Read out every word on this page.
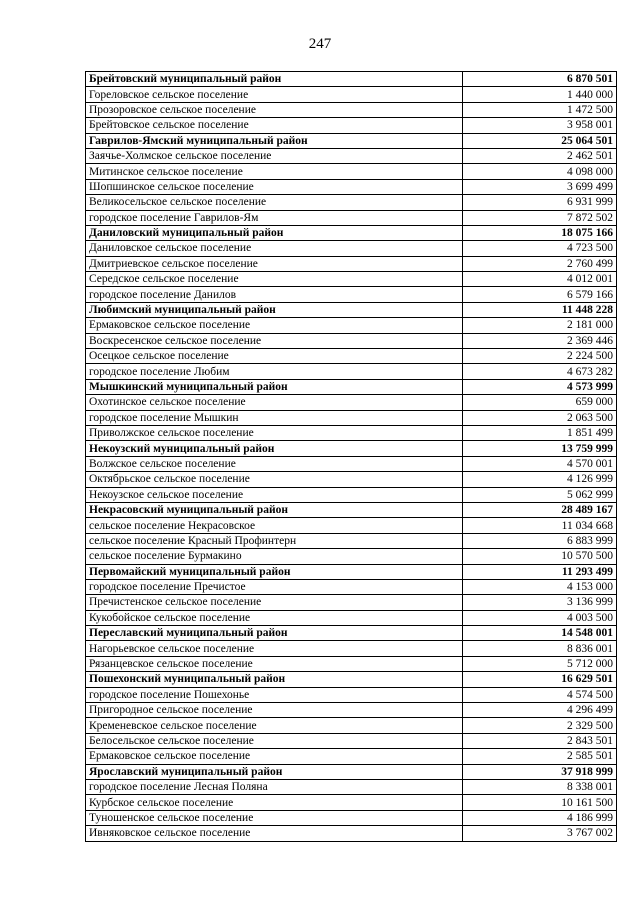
247
Брейтовский муниципальный район	6 870 501
Гореловское сельское поселение	1 440 000
Прозоровское сельское поселение	1 472 500
Брейтовское сельское поселение	3 958 001
Гаврилов-Ямский муниципальный район	25 064 501
Заячье-Холмское сельское поселение	2 462 501
Митинское сельское поселение	4 098 000
Шопшинское сельское поселение	3 699 499
Великосельское сельское поселение	6 931 999
городское поселение Гаврилов-Ям	7 872 502
Даниловский муниципальный район	18 075 166
Даниловское сельское поселение	4 723 500
Дмитриевское сельское поселение	2 760 499
Середское сельское поселение	4 012 001
городское поселение Данилов	6 579 166
Любимский муниципальный район	11 448 228
Ермаковское сельское поселение	2 181 000
Воскресенское сельское поселение	2 369 446
Осецкое сельское поселение	2 224 500
городское поселение Любим	4 673 282
Мышкинский муниципальный район	4 573 999
Охотинское сельское поселение	659 000
городское поселение Мышкин	2 063 500
Приволжское сельское поселение	1 851 499
Некоузский муниципальный район	13 759 999
Волжское сельское поселение	4 570 001
Октябрьское сельское поселение	4 126 999
Некоузское сельское поселение	5 062 999
Некрасовский муниципальный район	28 489 167
сельское поселение Некрасовское	11 034 668
сельское поселение Красный Профинтерн	6 883 999
сельское поселение Бурмакино	10 570 500
Первомайский муниципальный район	11 293 499
городское поселение Пречистое	4 153 000
Пречистенское сельское поселение	3 136 999
Кукобойское сельское поселение	4 003 500
Переславский муниципальный район	14 548 001
Нагорьевское сельское поселение	8 836 001
Рязанцевское сельское поселение	5 712 000
Пошехонский муниципальный район	16 629 501
городское поселение Пошехонье	4 574 500
Пригородное сельское поселение	4 296 499
Кременевское сельское поселение	2 329 500
Белосельское сельское поселение	2 843 501
Ермаковское сельское поселение	2 585 501
Ярославский муниципальный район	37 918 999
городское поселение Лесная Поляна	8 338 001
Курбское сельское поселение	10 161 500
Туношенское сельское поселение	4 186 999
Ивняковское сельское поселение	3 767 002
